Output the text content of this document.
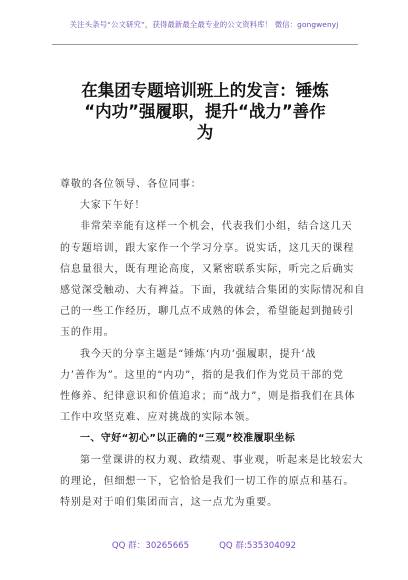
关注头条号“公文研究”，获得最新最全最专业的公文资料库！ 微信：gongwenyj
在集团专题培训班上的发言：锤炼
“内功”强履职，提升“战力”善作
为

尊敬的各位领导、各位同事：

大家下午好！

非常荣幸能有这样一个机会，代表我们小组，结合这几天
的专题培训，跟大家作一个学习分享。说实话，这几天的课程
信息量很大，既有理论高度，又紧密联系实际，听完之后确实
感觉深受触动、大有裨益。下面，我就结合集团的实际情况和自
己的一些工作经历，聊几点不成熟的体会，希望能起到抛砖引
玉的作用。

我今天的分享主题是“锤炼‘内功’强履职，提升‘战
力’善作为”。这里的“内功”，指的是我们作为党员干部的党
性修养、纪律意识和价值追求；而“战力”，则是指我们在具体
工作中攻坚克难、应对挑战的实际本领。

一、守好“初心”以正确的“三观”校准履职坐标

第一堂课讲的权力观、政绩观、事业观，听起来是比较宏大
的理论，但细想一下，它恰恰是我们一切工作的原点和基石。
特别是对于咱们集团而言，这一点尤为重要。

QQ 群：30265665	QQ 群:535304092
